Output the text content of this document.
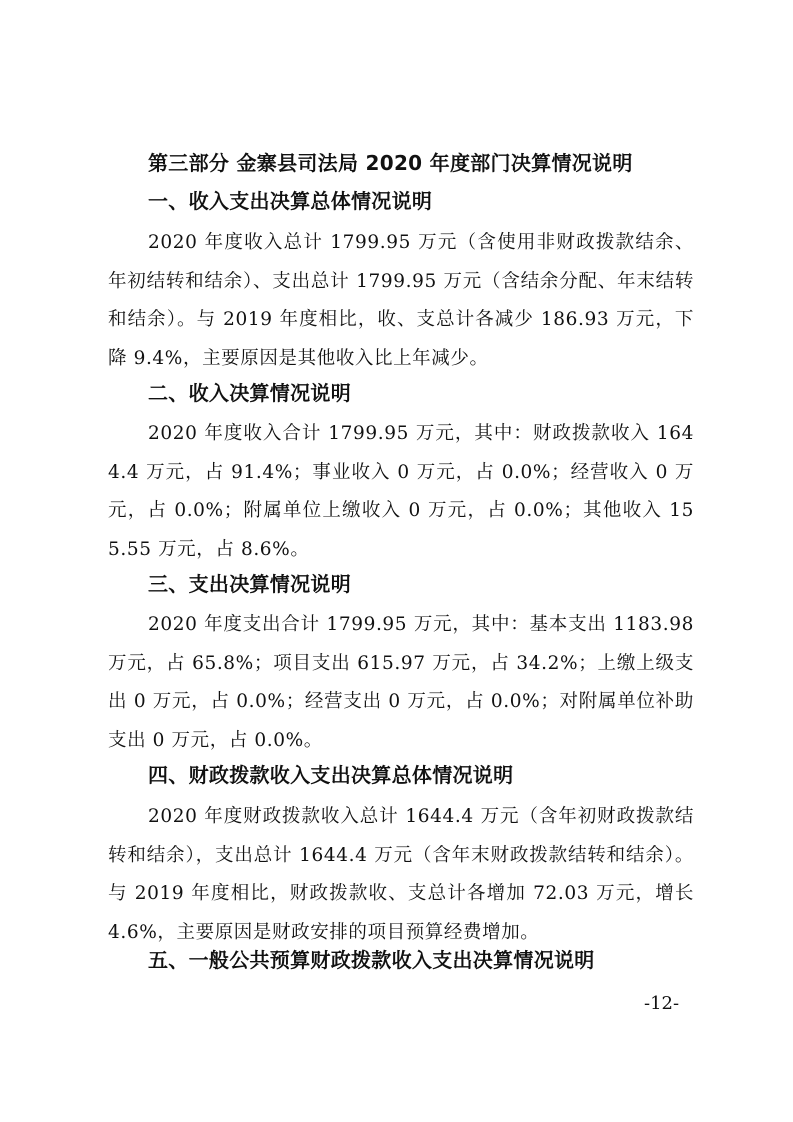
第三部分 金寨县司法局 2020 年度部门决算情况说明
一、收入支出决算总体情况说明
2020 年度收入总计 1799.95 万元（含使用非财政拨款结余、年初结转和结余）、支出总计 1799.95 万元（含结余分配、年末结转和结余）。与 2019 年度相比，收、支总计各减少 186.93 万元，下降 9.4%，主要原因是其他收入比上年减少。
二、收入决算情况说明
2020 年度收入合计 1799.95 万元，其中：财政拨款收入 1644.4 万元，占 91.4%；事业收入 0 万元，占 0.0%；经营收入 0 万元，占 0.0%；附属单位上缴收入 0 万元，占 0.0%；其他收入 155.55 万元，占 8.6%。
三、支出决算情况说明
2020 年度支出合计 1799.95 万元，其中：基本支出 1183.98 万元，占 65.8%；项目支出 615.97 万元，占 34.2%；上缴上级支出 0 万元，占 0.0%；经营支出 0 万元，占 0.0%；对附属单位补助支出 0 万元，占 0.0%。
四、财政拨款收入支出决算总体情况说明
2020 年度财政拨款收入总计 1644.4 万元（含年初财政拨款结转和结余），支出总计 1644.4 万元（含年末财政拨款结转和结余）。与 2019 年度相比，财政拨款收、支总计各增加 72.03 万元，增长 4.6%，主要原因是财政安排的项目预算经费增加。
五、一般公共预算财政拨款收入支出决算情况说明
-12-
